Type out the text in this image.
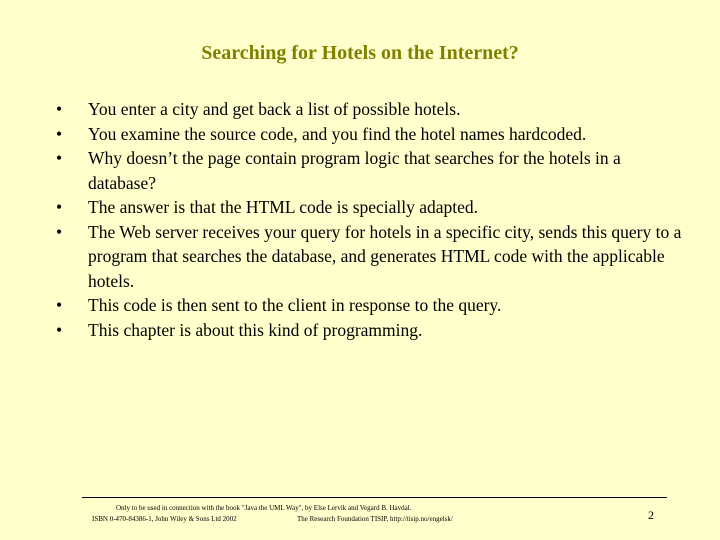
Searching for Hotels on the Internet?
• You enter a city and get back a list of possible hotels.
• You examine the source code, and you find the hotel names hardcoded.
• Why doesn’t the page contain program logic that searches for the hotels in a database?
• The answer is that the HTML code is specially adapted.
• The Web server receives your query for hotels in a specific city, sends this query to a program that searches the database, and generates HTML code with the applicable hotels.
• This code is then sent to the client in response to the query.
• This chapter is about this kind of programming.
Only to be used in connection with the book "Java the UML Way", by Else Lervik and Vegard B. Havdal.
ISBN 0-470-84386-1, John Wiley & Sons Ltd 2002	The Research Foundation TISIP, http://tisip.no/engelsk/	2
